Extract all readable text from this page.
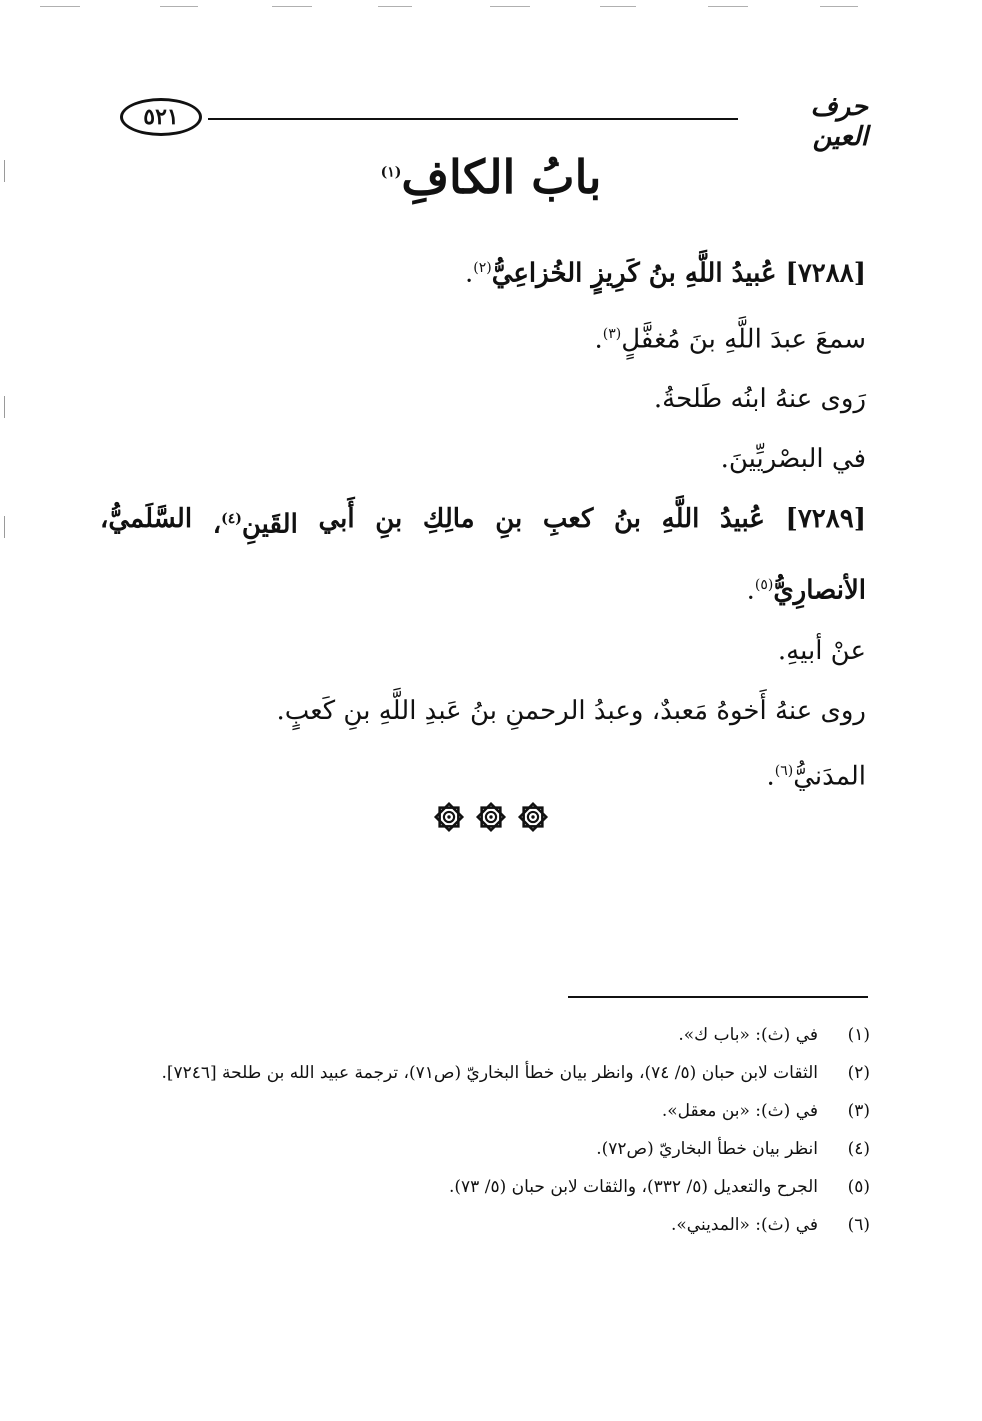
٥٢١	حرف العين
بابُ الكافِ$^{(١)}$
[٧٢٨٨] عُبيدُ اللَّهِ بنُ كَرِيزٍ الخُزاعِيُّ$^{(٢)}$.
سمعَ عبدَ اللَّهِ بنَ مُغفَّلٍ$^{(٣)}$.
رَوى عنهُ ابنُه طَلحةُ.
في البصْريِّينَ.
[٧٢٨٩]
عُبيدُ
اللَّهِ
بنُ
كعبِ
بنِ
مالِكِ
بنِ
أَبي
القَينِ$^{(٤)}$،
السَّلَميُّ،
الأنصارِيُّ$^{(٥)}$.
عنْ أبيهِ.
روى عنهُ أَخوهُ مَعبدٌ، وعبدُ الرحمنِ بنُ عَبدِ اللَّهِ بنِ كَعبٍ.
المدَنيُّ$^{(٦)}$.
(١)
في (ث): «باب ك».
(٢)
الثقات لابن حبان (٥/ ٧٤)، وانظر بيان خطأ البخاريّ (ص٧١)، ترجمة عبيد الله بن طلحة [٧٢٤٦].
(٣)
في (ث): «بن معقل».
(٤)
انظر بيان خطأ البخاريّ (ص٧٢).
(٥)
الجرح والتعديل (٥/ ٣٣٢)، والثقات لابن حبان (٥/ ٧٣).
(٦)
في (ث): «المديني».
